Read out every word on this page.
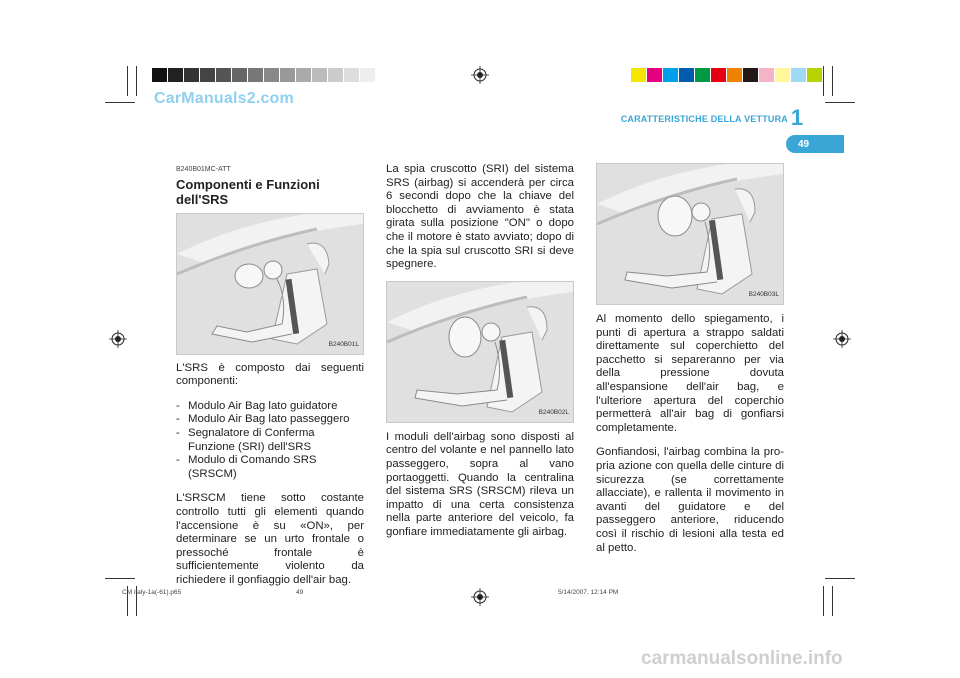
CarManuals2.com
CARATTERISTICHE DELLA VETTURA 1
49
B240B01MC-ATT
Componenti e Funzioni dell'SRS
B240B01L

L'SRS è composto dai seguenti componenti:

- Modulo Air Bag lato guidatore
- Modulo Air Bag lato passeggero
- Segnalatore di Conferma Funzione (SRI) dell'SRS
- Modulo di Comando SRS (SRSCM)

L'SRSCM tiene sotto costante controllo tutti gli elementi quando l'accensione è su «ON», per determinare se un urto frontale o pressoché frontale è sufficientemente violento da richiedere il gonfiaggio dell'air bag.

La spia cruscotto (SRI) del sistema SRS (airbag) si accenderà per circa 6 secondi dopo che la chiave del blocchetto di avviamento è stata girata sulla posizione "ON" o dopo che il motore è stato avviato; dopo di che la spia sul cruscotto SRI si deve spegnere.

B240B02L

I moduli dell'airbag sono disposti al centro del volante e nel pannello lato passeggero, sopra al vano portaoggetti. Quando la centralina del sistema SRS (SRSCM) rileva un impatto di una certa consistenza nella parte anteriore del veicolo, fa gonfiare immediatamente gli airbag.

B240B03L

Al momento dello spiegamento, i punti di apertura a strappo saldati direttamente sul coperchietto del pacchetto si separeranno per via della pressione dovuta all'espansione dell'air bag, e l'ulteriore apertura del coperchio permetterà all'air bag di gonfiarsi completamente.

Gonfiandosi, l'airbag combina la pro- pria azione con quella delle cinture di sicurezza (se correttamente allacciate), e rallenta il movimento in avanti del guidatore e del passeggero anteriore, riducendo così il rischio di lesioni alla testa ed al petto.

CM italy-1a(-61).p65	49	5/14/2007, 12:14 PM
carmanualsonline.info
